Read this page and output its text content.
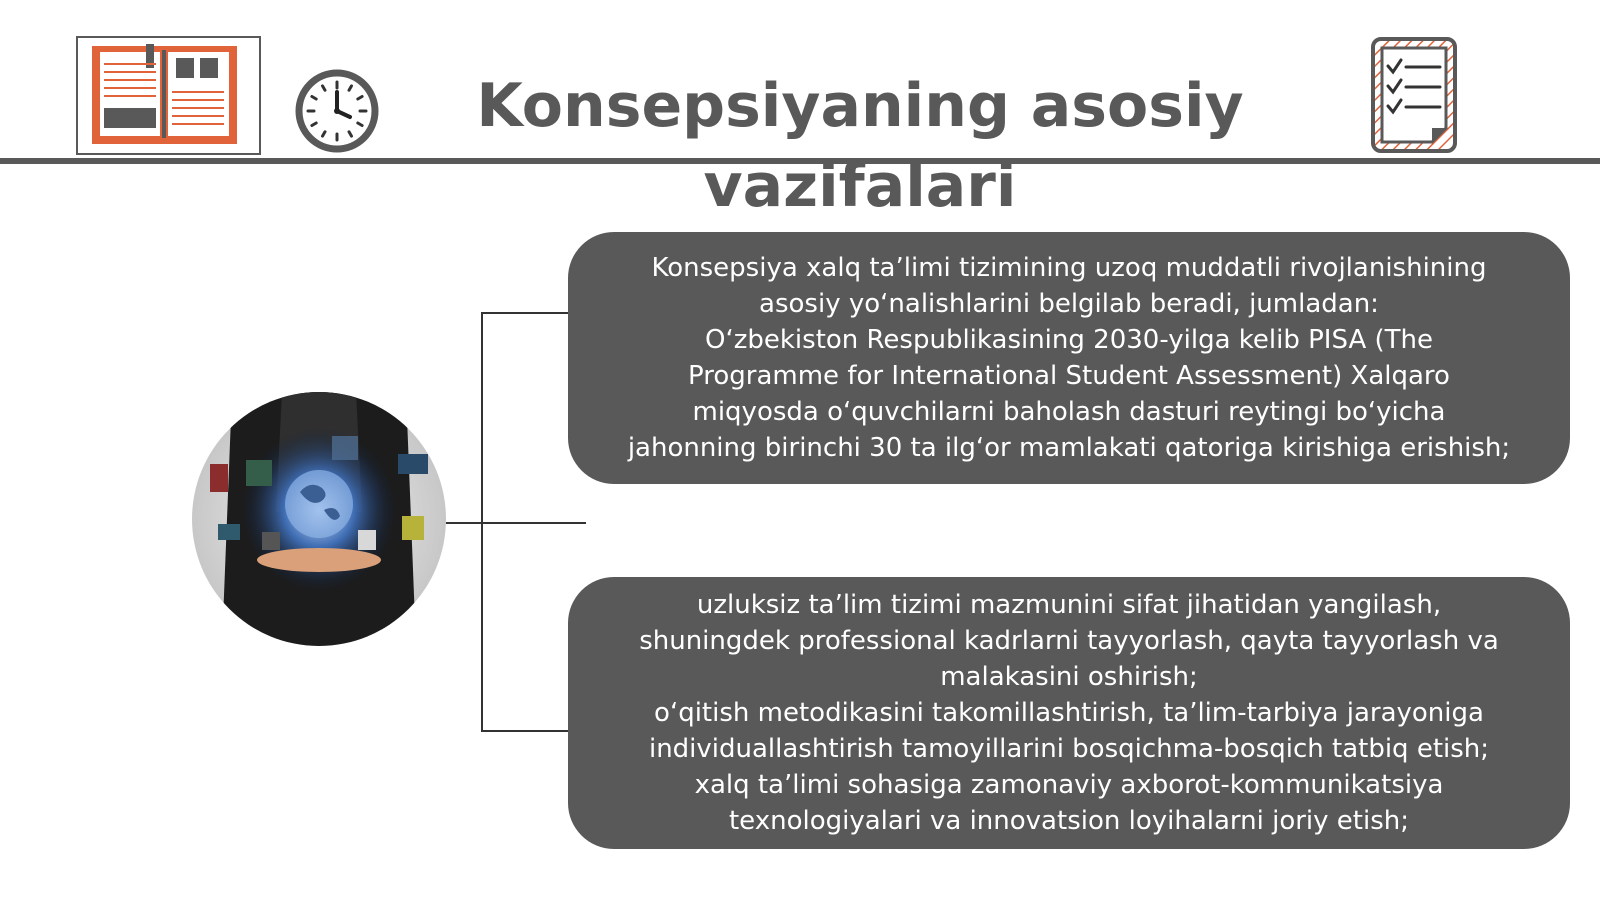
Konsepsiyaning asosiy
vazifalari

Konsepsiya xalq ta’limi tizimining uzoq muddatli rivojlanishining

asosiy yo‘nalishlarini belgilab beradi, jumladan:

O‘zbekiston Respublikasining 2030-yilga kelib PISA (The

Programme for International Student Assessment) Xalqaro

miqyosda o‘quvchilarni baholash dasturi reytingi bo‘yicha

jahonning birinchi 30 ta ilg‘or mamlakati qatoriga kirishiga erishish;

uzluksiz ta’lim tizimi mazmunini sifat jihatidan yangilash,

shuningdek professional kadrlarni tayyorlash, qayta tayyorlash va

malakasini oshirish;

o‘qitish metodikasini takomillashtirish, ta’lim-tarbiya jarayoniga

individuallashtirish tamoyillarini bosqichma-bosqich tatbiq etish;

xalq ta’limi sohasiga zamonaviy axborot-kommunikatsiya

texnologiyalari va innovatsion loyihalarni joriy etish;
